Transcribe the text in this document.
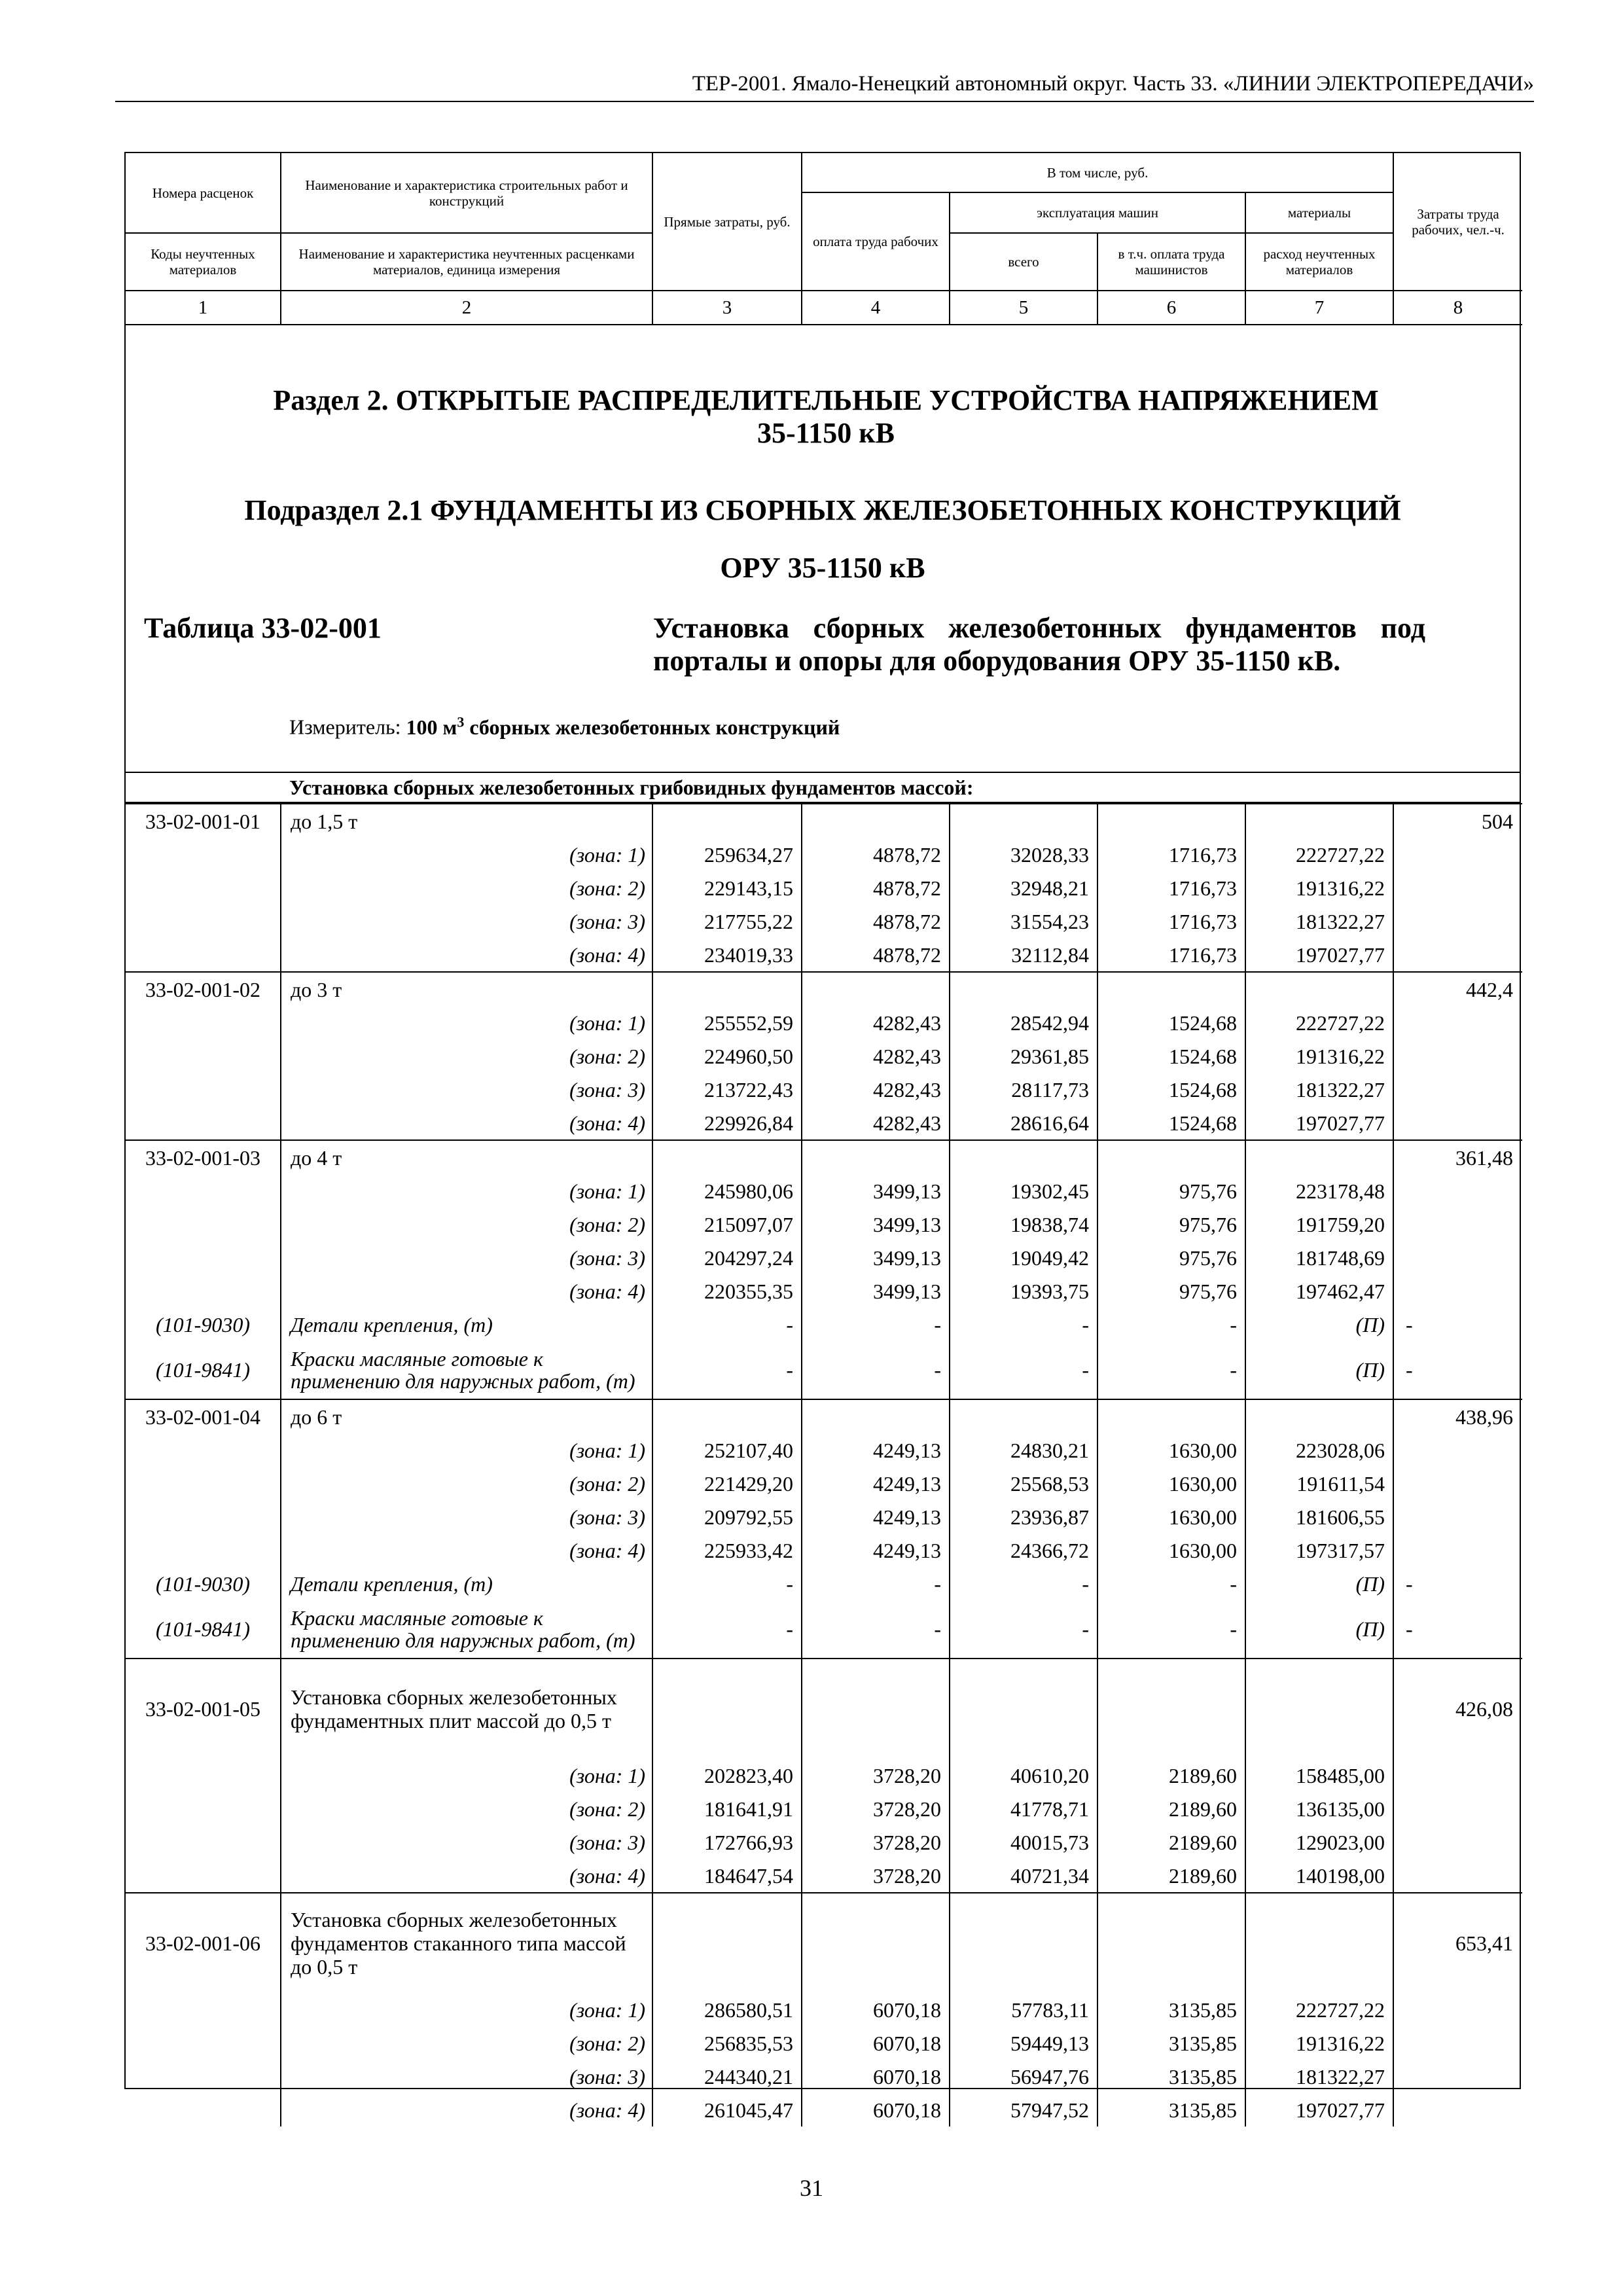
ТЕР-2001. Ямало-Ненецкий автономный округ. Часть 33. «ЛИНИИ ЭЛЕКТРОПЕРЕДАЧИ»
Номера расценок	Наименование и характеристика строительных работ и конструкций	Прямые затраты, руб.	В том числе, руб.				Затраты труда рабочих, чел.-ч.
			оплата труда рабочих	эксплуатация машин		материалы	
Коды неучтенных материалов	Наименование и характеристика неучтенных расценками материалов, единица измерения			всего	в т.ч. оплата труда машинистов	расход неучтенных материалов	

1	2	3	4	5	6	7	8
Раздел 2. ОТКРЫТЫЕ РАСПРЕДЕЛИТЕЛЬНЫЕ УСТРОЙСТВА НАПРЯЖЕНИЕМ
35-1150 кВ
Подраздел 2.1 ФУНДАМЕНТЫ ИЗ СБОРНЫХ ЖЕЛЕЗОБЕТОННЫХ КОНСТРУКЦИЙ
ОРУ 35-1150 кВ
Таблица 33-02-001	Установка сборных железобетонных фундаментов под порталы и опоры для оборудования ОРУ 35-1150 кВ.
Измеритель: 100 $м^3$ сборных железобетонных конструкций
Установка сборных железобетонных грибовидных фундаментов массой:
33-02-001-01	до 1,5 т						504
	(зона: 1)	259634,27	4878,72	32028,33	1716,73	222727,22	
	(зона: 2)	229143,15	4878,72	32948,21	1716,73	191316,22	
	(зона: 3)	217755,22	4878,72	31554,23	1716,73	181322,27	
	(зона: 4)	234019,33	4878,72	32112,84	1716,73	197027,77	
33-02-001-02	до 3 т						442,4
	(зона: 1)	255552,59	4282,43	28542,94	1524,68	222727,22	
	(зона: 2)	224960,50	4282,43	29361,85	1524,68	191316,22	
	(зона: 3)	213722,43	4282,43	28117,73	1524,68	181322,27	
	(зона: 4)	229926,84	4282,43	28616,64	1524,68	197027,77	
33-02-001-03	до 4 т						361,48
	(зона: 1)	245980,06	3499,13	19302,45	975,76	223178,48	
	(зона: 2)	215097,07	3499,13	19838,74	975,76	191759,20	
	(зона: 3)	204297,24	3499,13	19049,42	975,76	181748,69	
	(зона: 4)	220355,35	3499,13	19393,75	975,76	197462,47	
(101-9030)	Детали крепления, (т)	-	-	-	-	(П)	-
(101-9841)	Краски масляные готовые к применению для наружных работ, (т)	-	-	-	-	(П)	-
33-02-001-04	до 6 т						438,96
	(зона: 1)	252107,40	4249,13	24830,21	1630,00	223028,06	
	(зона: 2)	221429,20	4249,13	25568,53	1630,00	191611,54	
	(зона: 3)	209792,55	4249,13	23936,87	1630,00	181606,55	
	(зона: 4)	225933,42	4249,13	24366,72	1630,00	197317,57	
(101-9030)	Детали крепления, (т)	-	-	-	-	(П)	-
(101-9841)	Краски масляные готовые к применению для наружных работ, (т)	-	-	-	-	(П)	-
33-02-001-05	Установка сборных железобетонных фундаментных плит массой до 0,5 т						426,08
	(зона: 1)	202823,40	3728,20	40610,20	2189,60	158485,00	
	(зона: 2)	181641,91	3728,20	41778,71	2189,60	136135,00	
	(зона: 3)	172766,93	3728,20	40015,73	2189,60	129023,00	
	(зона: 4)	184647,54	3728,20	40721,34	2189,60	140198,00	
33-02-001-06	Установка сборных железобетонных фундаментов стаканного типа массой до 0,5 т						653,41
	(зона: 1)	286580,51	6070,18	57783,11	3135,85	222727,22	
	(зона: 2)	256835,53	6070,18	59449,13	3135,85	191316,22	
	(зона: 3)	244340,21	6070,18	56947,76	3135,85	181322,27	
	(зона: 4)	261045,47	6070,18	57947,52	3135,85	197027,77	
31
